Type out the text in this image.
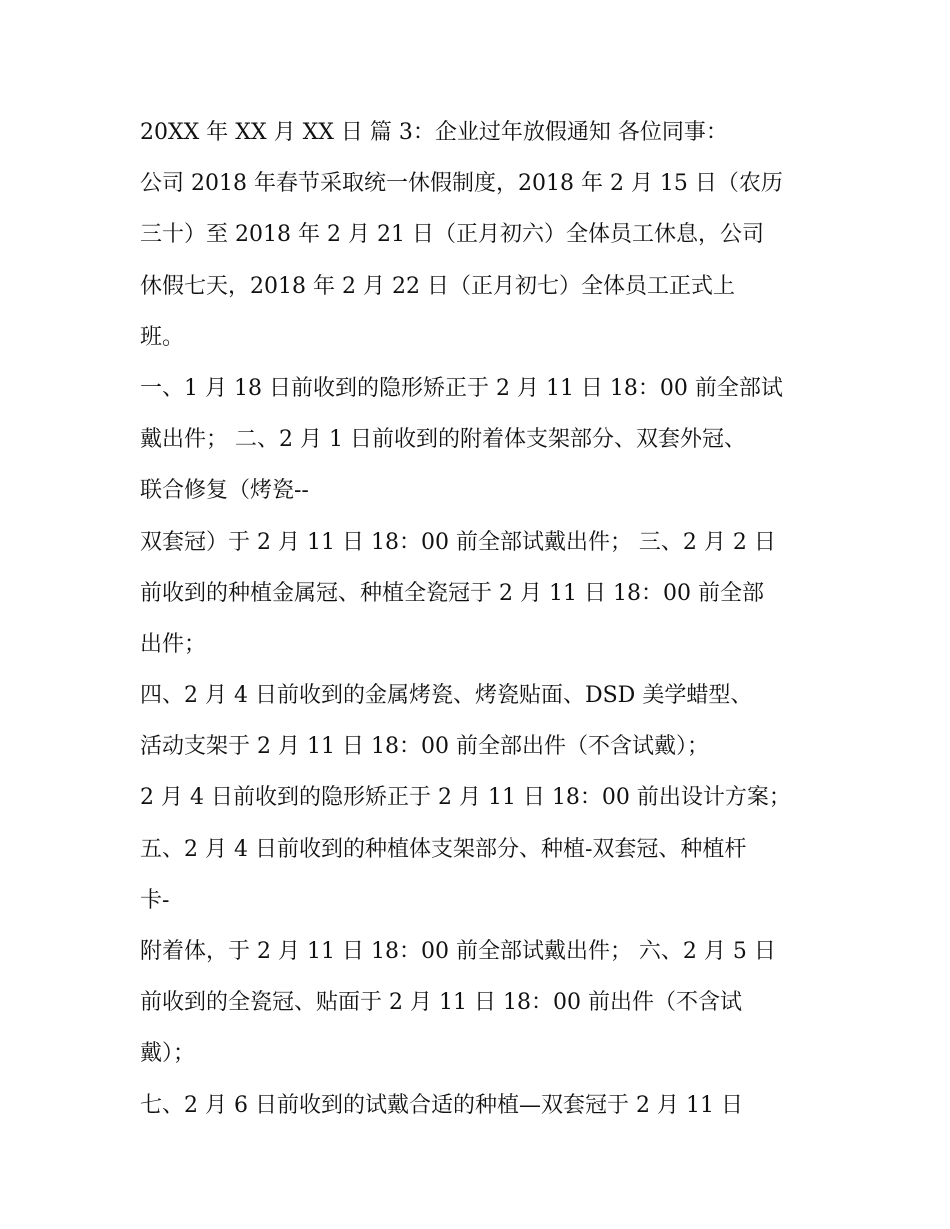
20XX 年 XX 月 XX 日 篇 3：企业过年放假通知 各位同事：
公司 2018 年春节采取统一休假制度，2018 年 2 月 15 日（农历
三十）至 2018 年 2 月 21 日（正月初六）全体员工休息，公司
休假七天，2018 年 2 月 22 日（正月初七）全体员工正式上
班。
一、1 月 18 日前收到的隐形矫正于 2 月 11 日 18：00 前全部试
戴出件； 二、2 月 1 日前收到的附着体支架部分、双套外冠、
联合修复（烤瓷--
双套冠）于 2 月 11 日 18：00 前全部试戴出件； 三、2 月 2 日
前收到的种植金属冠、种植全瓷冠于 2 月 11 日 18：00 前全部
出件；
四、2 月 4 日前收到的金属烤瓷、烤瓷贴面、DSD 美学蜡型、
活动支架于 2 月 11 日 18：00 前全部出件（不含试戴）；
2 月 4 日前收到的隐形矫正于 2 月 11 日 18：00 前出设计方案；
五、2 月 4 日前收到的种植体支架部分、种植-双套冠、种植杆
卡-
附着体，于 2 月 11 日 18：00 前全部试戴出件； 六、2 月 5 日
前收到的全瓷冠、贴面于 2 月 11 日 18：00 前出件（不含试
戴）；
七、2 月 6 日前收到的试戴合适的种植—双套冠于 2 月 11 日
